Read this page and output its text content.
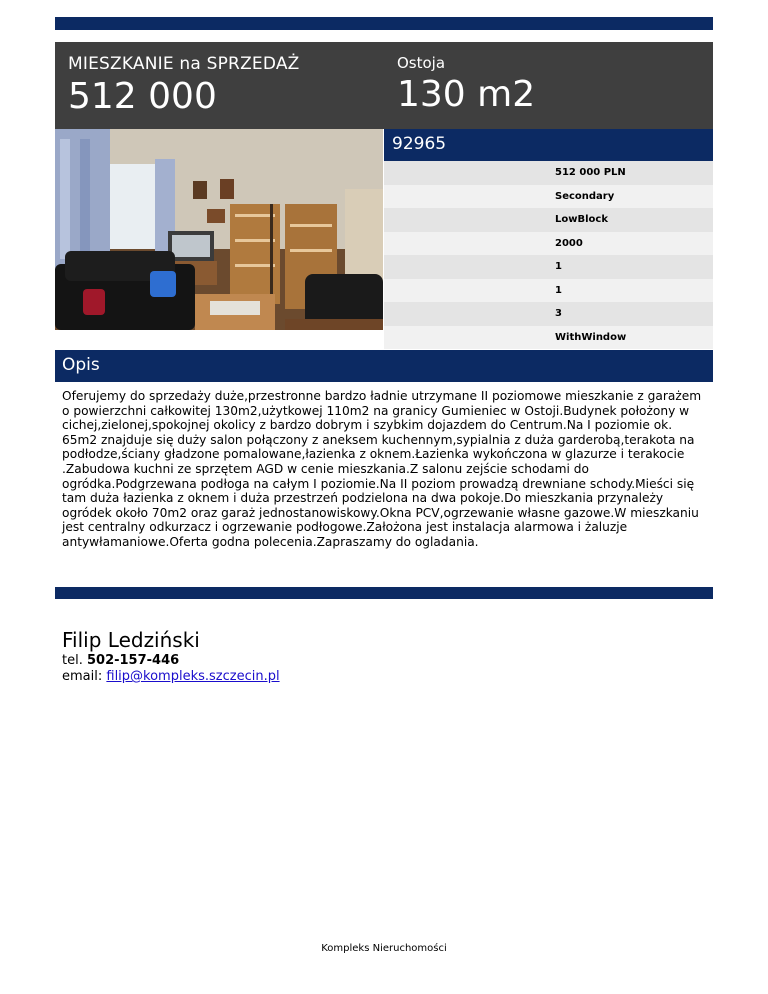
MIESZKANIE na SPRZEDAŻ
512 000
Ostoja
130 m2
92965
512 000 PLN
Secondary
LowBlock
2000
1
1
3
WithWindow
Opis
Oferujemy do sprzedaży duże,przestronne bardzo ładnie utrzymane II poziomowe mieszkanie z garażem o powierzchni całkowitej 130m2,użytkowej 110m2 na granicy Gumieniec w Ostoji.Budynek położony w cichej,zielonej,spokojnej okolicy z bardzo dobrym i szybkim dojazdem do Centrum.Na I poziomie ok. 65m2 znajduje się duży salon połączony z aneksem kuchennym,sypialnia z duża garderobą,terakota na podłodze,ściany gładzone pomalowane,łazienka z oknem.Łazienka wykończona w glazurze i terakocie .Zabudowa kuchni ze sprzętem AGD w cenie mieszkania.Z salonu zejście schodami do ogródka.Podgrzewana podłoga na całym I poziomie.Na II poziom prowadzą drewniane schody.Mieści się tam duża łazienka z oknem i duża przestrzeń podzielona na dwa pokoje.Do mieszkania przynależy ogródek około 70m2 oraz garaż jednostanowiskowy.Okna PCV,ogrzewanie własne gazowe.W mieszkaniu jest centralny odkurzacz i ogrzewanie podłogowe.Założona jest instalacja alarmowa i żaluzje antywłamaniowe.Oferta godna polecenia.Zapraszamy do ogladania.
Filip Ledziński
tel. 502-157-446
email: filip@kompleks.szczecin.pl
Kompleks Nieruchomości
